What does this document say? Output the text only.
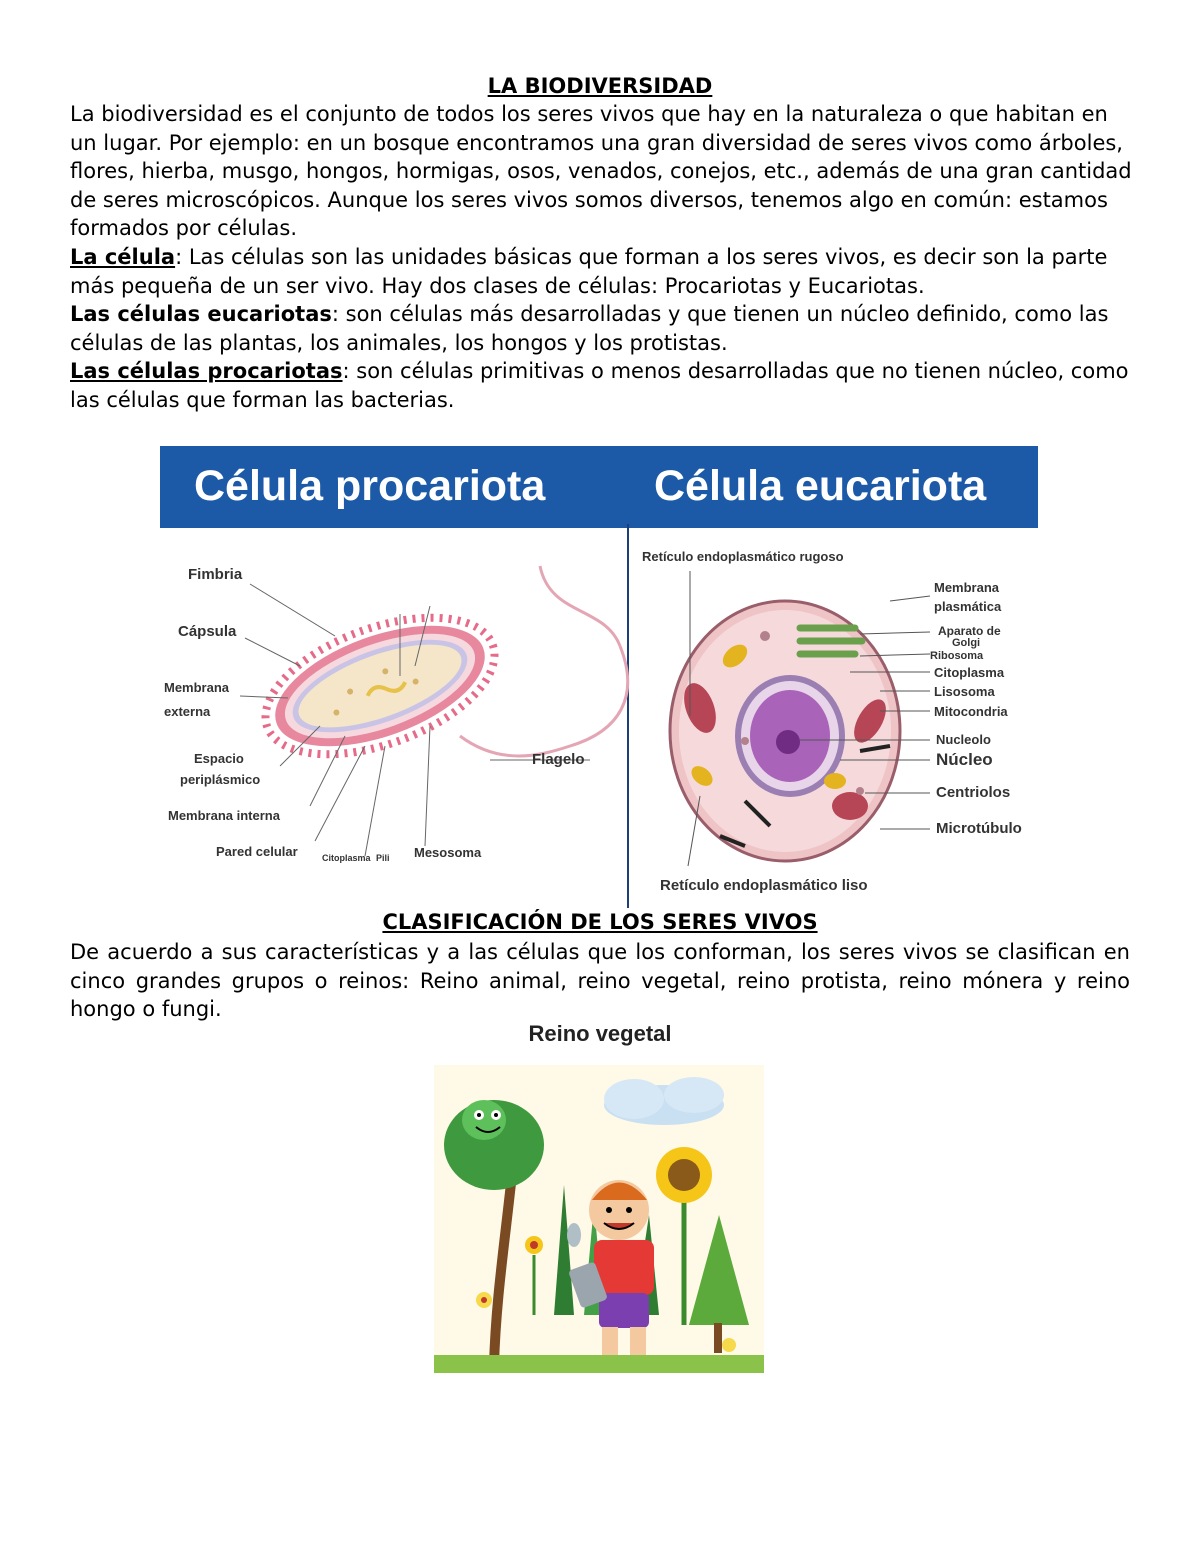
LA BIODIVERSIDAD

La biodiversidad es el conjunto de todos los seres vivos que hay en la naturaleza o que habitan en un lugar. Por ejemplo: en un bosque encontramos una gran diversidad de seres vivos como árboles, flores, hierba, musgo, hongos, hormigas, osos, venados, conejos, etc., además de una gran cantidad de seres microscópicos. Aunque los seres vivos somos diversos, tenemos algo en común: estamos formados por células.

La célula: Las células son las unidades básicas que forman a los seres vivos, es decir son la parte más pequeña de un ser vivo. Hay dos clases de células: Procariotas y Eucariotas.

Las células eucariotas: son células más desarrolladas y que tienen un núcleo definido, como las células de las plantas, los animales, los hongos y los protistas.

Las células procariotas: son células primitivas o menos desarrolladas que no tienen núcleo, como las células que forman las bacterias.

Célula procariota	Célula eucariota
Fimbria
Cápsula
Membrana
externa
Espacio
periplásmico
Membrana interna
Pared celular	Citoplasma Pili Mesosoma
Flagelo
Retículo endoplasmático rugoso
Membrana
plasmática
Aparato de
Golgi
Ribosoma
Citoplasma
Lisosoma
Mitocondria
Nucleolo
Núcleo
Centriolos
Microtúbulo
Retículo endoplasmático liso
CLASIFICACIÓN DE LOS SERES VIVOS

De acuerdo a sus características y a las células que los conforman, los seres vivos se clasifican en cinco grandes grupos o reinos: Reino animal, reino vegetal, reino protista, reino mónera y reino hongo o fungi.

Reino vegetal
